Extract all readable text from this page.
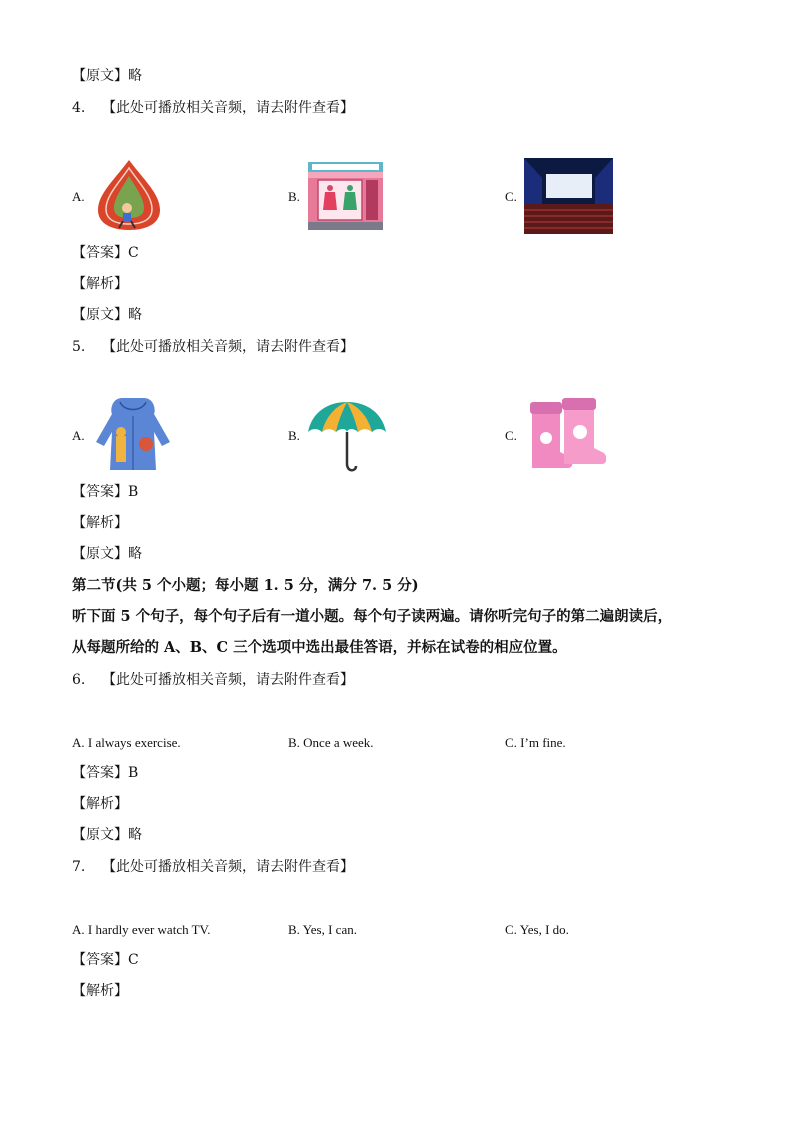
【原文】略
4. 【此处可播放相关音频，请去附件查看】
A.	B.	C.
【答案】C
【解析】
【原文】略
5. 【此处可播放相关音频，请去附件查看】
A.	B.	C.
【答案】B
【解析】
【原文】略
第二节(共 5 个小题；每小题 1. 5 分，满分 7. 5 分)
听下面 5 个句子，每个句子后有一道小题。每个句子读两遍。请你听完句子的第二遍朗读后，
从每题所给的 A、B、C 三个选项中选出最佳答语，并标在试卷的相应位置。
6. 【此处可播放相关音频，请去附件查看】
A. I always exercise.	B. Once a week.	C. I’m fine.
【答案】B
【解析】
【原文】略
7. 【此处可播放相关音频，请去附件查看】
A. I hardly ever watch TV.	B. Yes, I can.	C. Yes, I do.
【答案】C
【解析】
